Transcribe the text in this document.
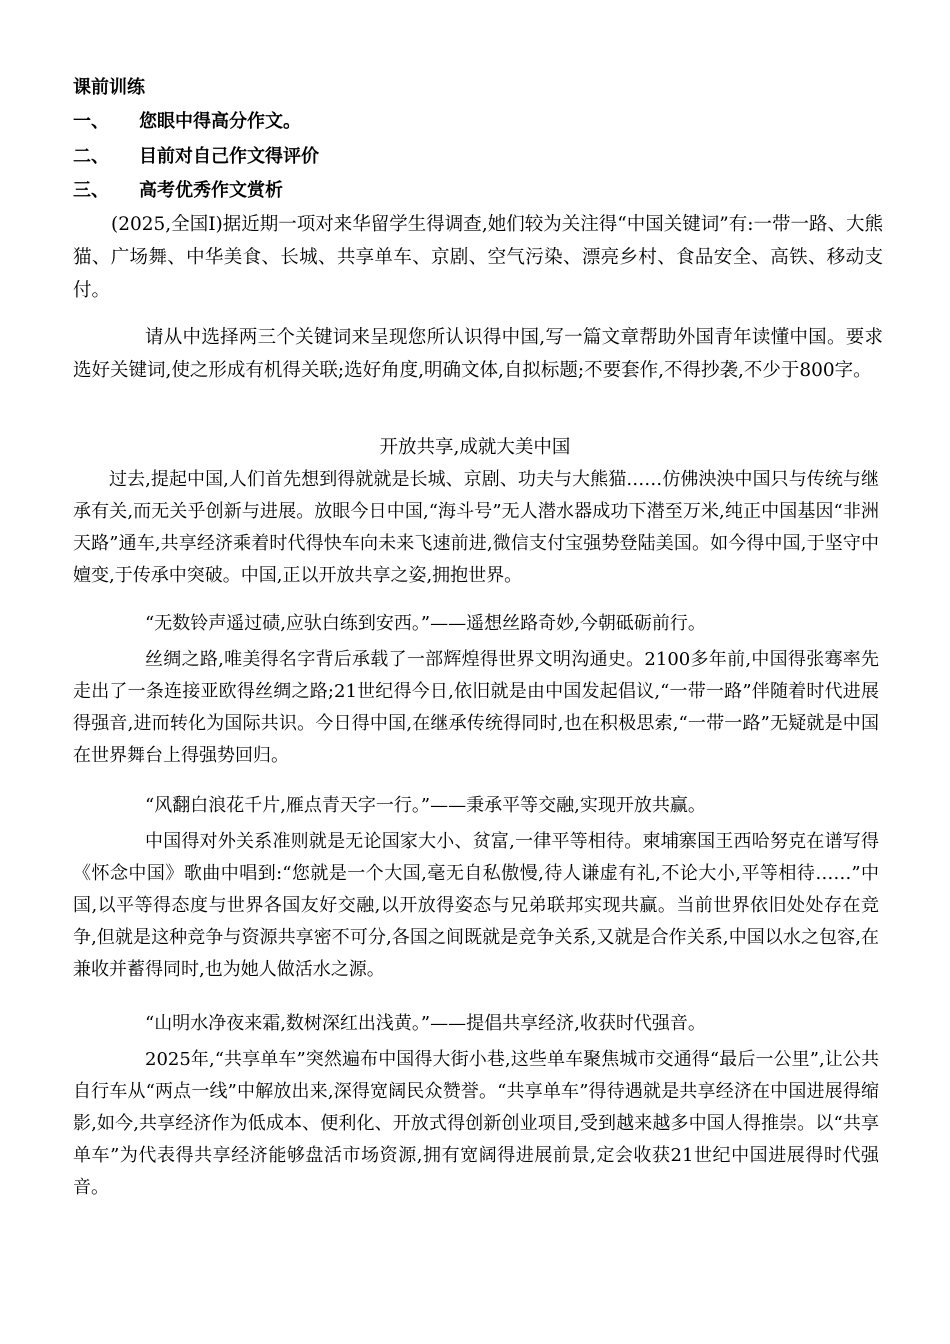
课前训练
一、 您眼中得高分作文。
二、 目前对自己作文得评价
三、 高考优秀作文赏析
(2025,全国I)据近期一项对来华留学生得调查,她们较为关注得“中国关键词”有:一带一路、大熊猫、广场舞、中华美食、长城、共享单车、京剧、空气污染、漂亮乡村、食品安全、高铁、移动支付。
请从中选择两三个关键词来呈现您所认识得中国,写一篇文章帮助外国青年读懂中国。要求选好关键词,使之形成有机得关联;选好角度,明确文体,自拟标题;不要套作,不得抄袭,不少于800字。
开放共享,成就大美中国
过去,提起中国,人们首先想到得就就是长城、京剧、功夫与大熊猫……仿佛泱泱中国只与传统与继承有关,而无关乎创新与进展。放眼今日中国,“海斗号”无人潜水器成功下潜至万米,纯正中国基因“非洲天路”通车,共享经济乘着时代得快车向未来飞速前进,微信支付宝强势登陆美国。如今得中国,于坚守中嬗变,于传承中突破。中国,正以开放共享之姿,拥抱世界。
“无数铃声遥过碛,应驮白练到安西。”——遥想丝路奇妙,今朝砥砺前行。
丝绸之路,唯美得名字背后承载了一部辉煌得世界文明沟通史。2100多年前,中国得张骞率先走出了一条连接亚欧得丝绸之路;21世纪得今日,依旧就是由中国发起倡议,“一带一路”伴随着时代进展得强音,进而转化为国际共识。今日得中国,在继承传统得同时,也在积极思索,“一带一路”无疑就是中国在世界舞台上得强势回归。
“风翻白浪花千片,雁点青天字一行。”——秉承平等交融,实现开放共赢。
中国得对外关系准则就是无论国家大小、贫富,一律平等相待。柬埔寨国王西哈努克在谱写得《怀念中国》歌曲中唱到:“您就是一个大国,毫无自私傲慢,待人谦虚有礼,不论大小,平等相待……”中国,以平等得态度与世界各国友好交融,以开放得姿态与兄弟联邦实现共赢。当前世界依旧处处存在竞争,但就是这种竞争与资源共享密不可分,各国之间既就是竞争关系,又就是合作关系,中国以水之包容,在兼收并蓄得同时,也为她人做活水之源。
“山明水净夜来霜,数树深红出浅黄。”——提倡共享经济,收获时代强音。
2025年,“共享单车”突然遍布中国得大街小巷,这些单车聚焦城市交通得“最后一公里”,让公共自行车从“两点一线”中解放出来,深得宽阔民众赞誉。“共享单车”得待遇就是共享经济在中国进展得缩影,如今,共享经济作为低成本、便利化、开放式得创新创业项目,受到越来越多中国人得推崇。以“共享单车”为代表得共享经济能够盘活市场资源,拥有宽阔得进展前景,定会收获21世纪中国进展得时代强音。
